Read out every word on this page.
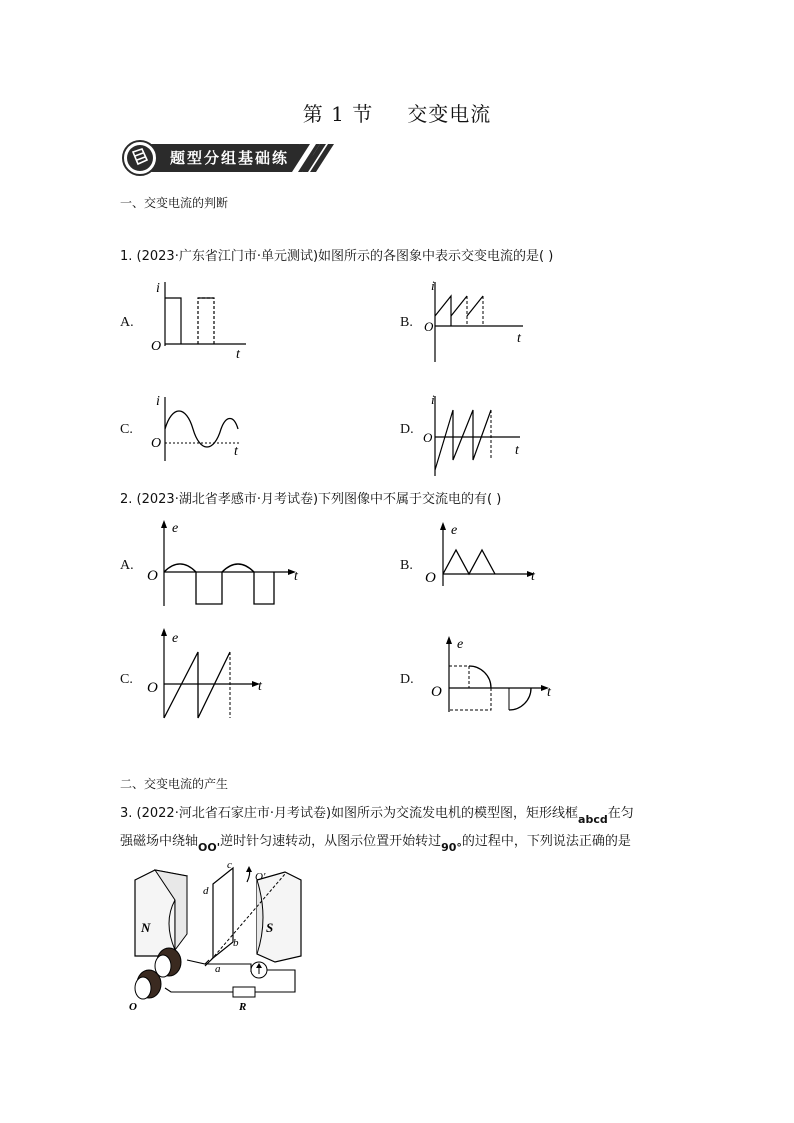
第 1 节 交变电流
题型分组基础练
一、交变电流的判断
1. (2023·广东省江门市·单元测试)如图所示的各图象中表示交变电流的是( )
A.	B.
C.	D.
i
O
t
i
O
t
i
O
t
i
O
t
2. (2023·湖北省孝感市·月考试卷)下列图像中不属于交流电的有( )
A.	B.
C.	D.
e
O	t
e
O	t
e
O	t
e
O	t
二、交变电流的产生
3. (2022·河北省石家庄市·月考试卷)如图所示为交流发电机的模型图，矩形线框$_{abcd}$在匀
强磁场中绕轴$_{OO'}$逆时针匀速转动，从图示位置开始转过$_{90^\circ}$的过程中，下列说法正确的是
N	S
c
d
b
a
O'
R
O
